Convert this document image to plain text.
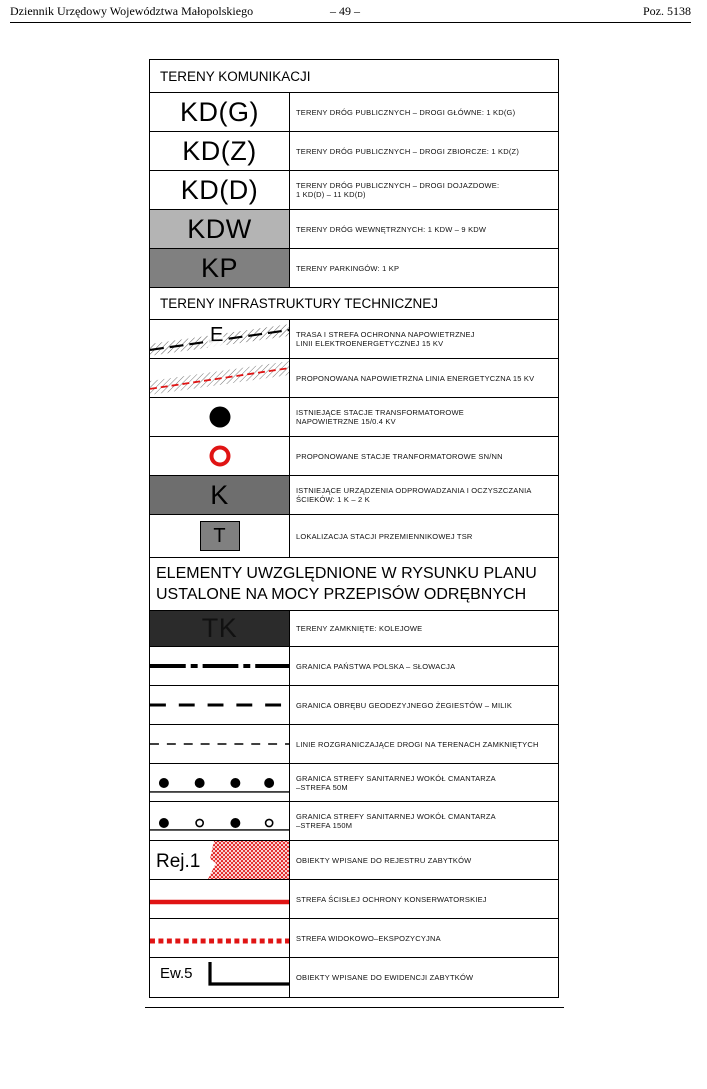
Dziennik Urzędowy Województwa Małopolskiego	– 49 –	Poz. 5138
TERENY KOMUNIKACJI
KD(G)	TERENY DRÓG PUBLICZNYCH – DROGI GŁÓWNE: 1 KD(G)
KD(Z)	TERENY DRÓG PUBLICZNYCH – DROGI ZBIORCZE: 1 KD(Z)
KD(D)	TERENY DRÓG PUBLICZNYCH – DROGI DOJAZDOWE:
1 KD(D) – 11 KD(D)
KDW	TERENY DRÓG WEWNĘTRZNYCH: 1 KDW – 9 KDW
KP	TERENY PARKINGÓW: 1 KP
TERENY INFRASTRUKTURY TECHNICZNEJ
E	TRASA I STREFA OCHRONNA NAPOWIETRZNEJ
LINII ELEKTROENERGETYCZNEJ 15 KV
PROPONOWANA NAPOWIETRZNA LINIA ENERGETYCZNA 15 KV
ISTNIEJĄCE STACJE TRANSFORMATOROWE
NAPOWIETRZNE 15/0.4 KV
PROPONOWANE STACJE TRANFORMATOROWE SN/NN
K	ISTNIEJĄCE URZĄDZENIA ODPROWADZANIA I OCZYSZCZANIA
ŚCIEKÓW: 1 K – 2 K
T	LOKALIZACJA STACJI PRZEMIENNIKOWEJ TSR
ELEMENTY UWZGLĘDNIONE W RYSUNKU PLANU
USTALONE NA MOCY PRZEPISÓW ODRĘBNYCH
TK	TERENY ZAMKNIĘTE: KOLEJOWE
GRANICA PAŃSTWA POLSKA – SŁOWACJA
GRANICA OBRĘBU GEODEZYJNEGO ŻEGIESTÓW – MILIK
LINIE ROZGRANICZAJĄCE DROGI NA TERENACH ZAMKNIĘTYCH
GRANICA STREFY SANITARNEJ WOKÓŁ CMANTARZA
–STREFA 50M
GRANICA STREFY SANITARNEJ WOKÓŁ CMANTARZA
–STREFA 150M
Rej.1	OBIEKTY WPISANE DO REJESTRU ZABYTKÓW
STREFA ŚCISŁEJ OCHRONY KONSERWATORSKIEJ
STREFA WIDOKOWO–EKSPOZYCYJNA
Ew.5	OBIEKTY WPISANE DO EWIDENCJI ZABYTKÓW
